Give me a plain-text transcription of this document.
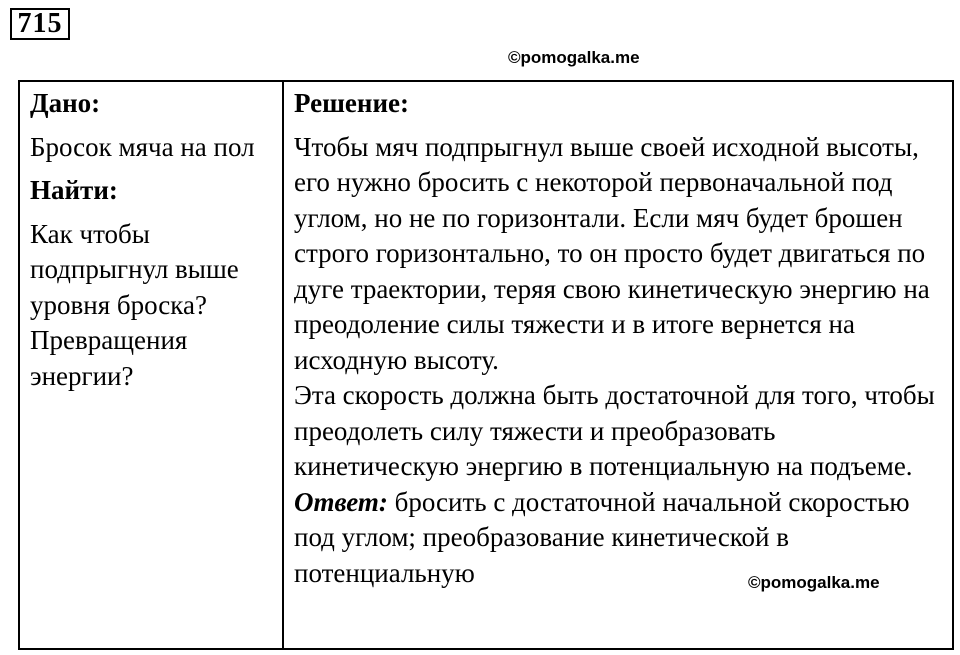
715
©pomogalka.me
Дано:
Бросок мяча на пол
Найти:
Как чтобы подпрыгнул выше уровня броска? Превращения энергии?

Решение:
Чтобы мяч подпрыгнул выше своей исходной высоты, его нужно бросить с некоторой первоначальной под углом, но не по горизонтали. Если мяч будет брошен строго горизонтально, то он просто будет двигаться по дуге траектории, теряя свою кинетическую энергию на преодоление силы тяжести и в итоге вернется на исходную высоту.
Эта скорость должна быть достаточной для того, чтобы преодолеть силу тяжести и преобразовать кинетическую энергию в потенциальную на подъеме.
Ответ: бросить с достаточной начальной скоростью под углом; преобразование кинетической в потенциальную	©pomogalka.me
